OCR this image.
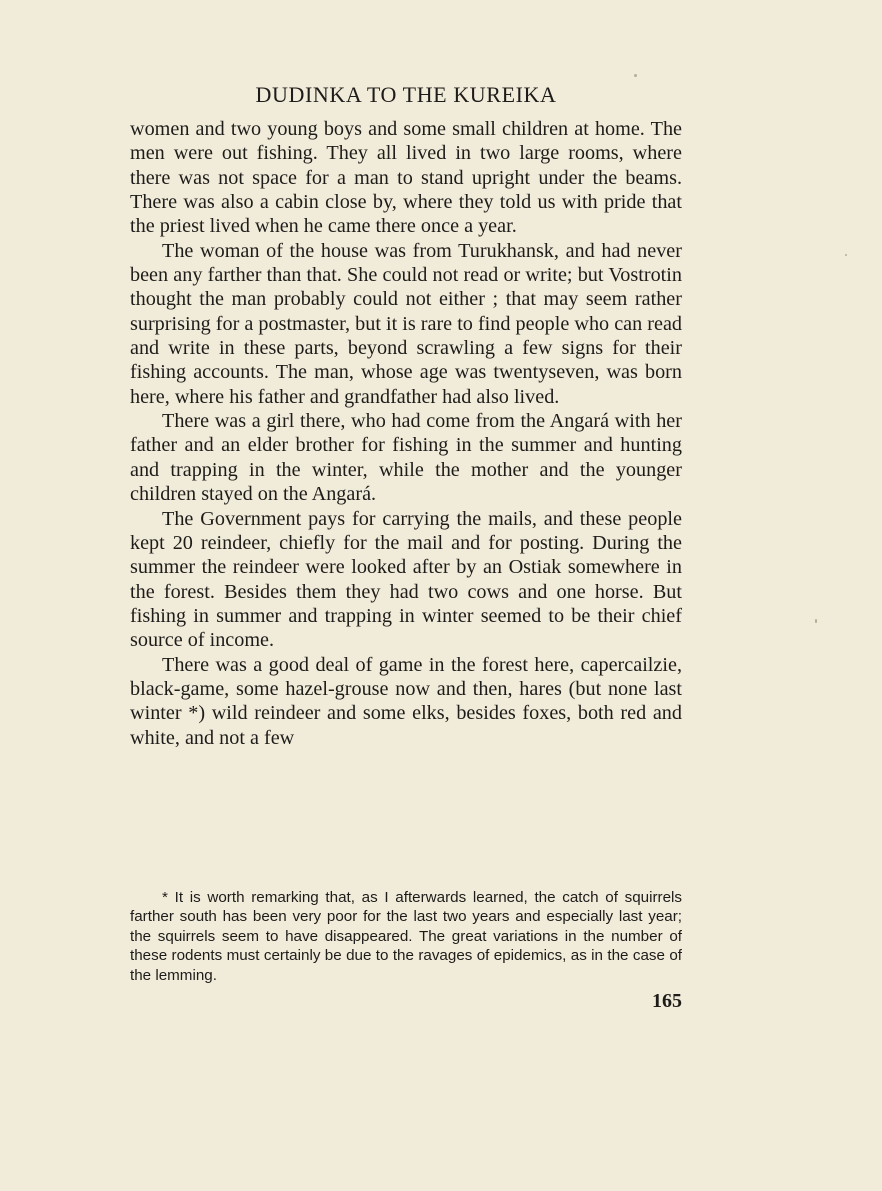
DUDINKA TO THE KUREIKA

women and two young boys and some small children at home. The men were out fishing. They all lived in two large rooms, where there was not space for a man to stand upright under the beams. There was also a cabin close by, where they told us with pride that the priest lived when he came there once a year.

The woman of the house was from Turukhansk, and had never been any farther than that. She could not read or write; but Vostrotin thought the man probably could not either ; that may seem rather surprising for a postmaster, but it is rare to find people who can read and write in these parts, beyond scrawling a few signs for their fishing accounts. The man, whose age was twentyseven, was born here, where his father and grandfather had also lived.

There was a girl there, who had come from the Angará with her father and an elder brother for fishing in the summer and hunting and trapping in the winter, while the mother and the younger children stayed on the Angará.

The Government pays for carrying the mails, and these people kept 20 reindeer, chiefly for the mail and for posting. During the summer the reindeer were looked after by an Ostiak somewhere in the forest. Besides them they had two cows and one horse. But fishing in summer and trapping in winter seemed to be their chief source of income.

There was a good deal of game in the forest here, capercailzie, black-game, some hazel-grouse now and then, hares (but none last winter *) wild reindeer and some elks, besides foxes, both red and white, and not a few

* It is worth remarking that, as I afterwards learned, the catch of squirrels farther south has been very poor for the last two years and especially last year; the squirrels seem to have disappeared. The great variations in the number of these rodents must certainly be due to the ravages of epidemics, as in the case of the lemming.

165
